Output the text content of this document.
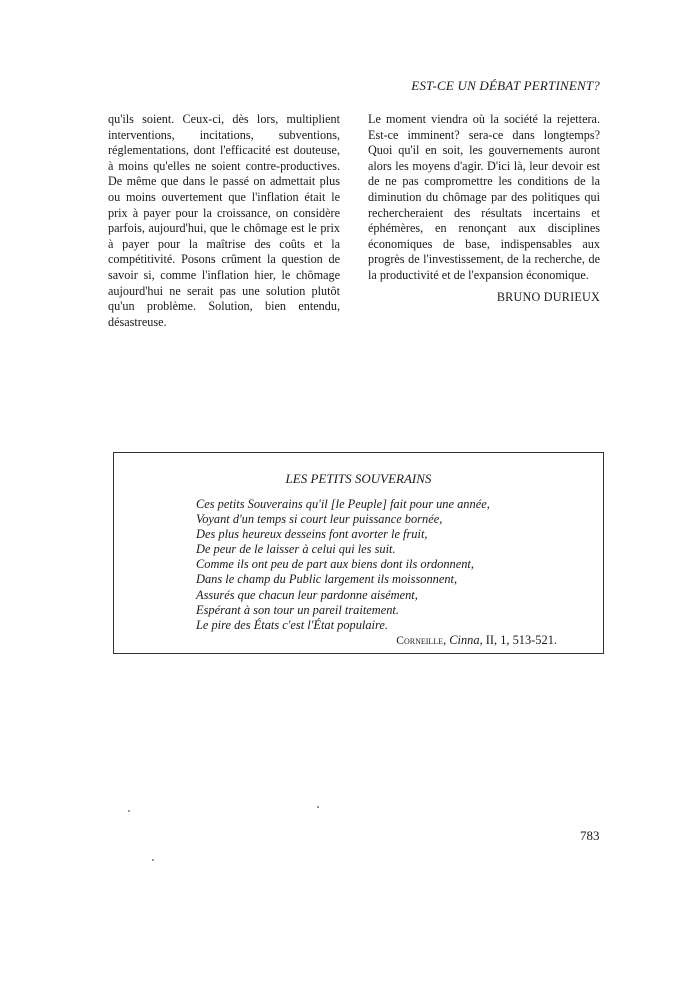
EST-CE UN DÉBAT PERTINENT?

qu'ils soient. Ceux-ci, dès lors, multiplient interventions, incitations, subventions, réglementations, dont l'efficacité est douteuse, à moins qu'elles ne soient contre-productives. De même que dans le passé on admettait plus ou moins ouvertement que l'inflation était le prix à payer pour la croissance, on considère parfois, aujourd'hui, que le chômage est le prix à payer pour la maîtrise des coûts et la compétitivité. Posons crûment la question de savoir si, comme l'inflation hier, le chômage aujourd'hui ne serait pas une solution plutôt qu'un problème. Solution, bien entendu, désastreuse.

Le moment viendra où la société la rejettera. Est-ce imminent? sera-ce dans longtemps? Quoi qu'il en soit, les gouvernements auront alors les moyens d'agir. D'ici là, leur devoir est de ne pas compromettre les conditions de la diminution du chômage par des politiques qui rechercheraient des résultats incertains et éphémères, en renonçant aux disciplines économiques de base, indispensables aux progrès de l'investissement, de la recherche, de la productivité et de l'expansion économique.

BRUNO DURIEUX
LES PETITS SOUVERAINS
Ces petits Souverains qu'il [le Peuple] fait pour une année,
Voyant d'un temps si court leur puissance bornée,
Des plus heureux desseins font avorter le fruit,
De peur de le laisser à celui qui les suit.
Comme ils ont peu de part aux biens dont ils ordonnent,
Dans le champ du Public largement ils moissonnent,
Assurés que chacun leur pardonne aisément,
Espérant à son tour un pareil traitement.
Le pire des États c'est l'État populaire.
Corneille, Cinna, II, 1, 513-521.
783
